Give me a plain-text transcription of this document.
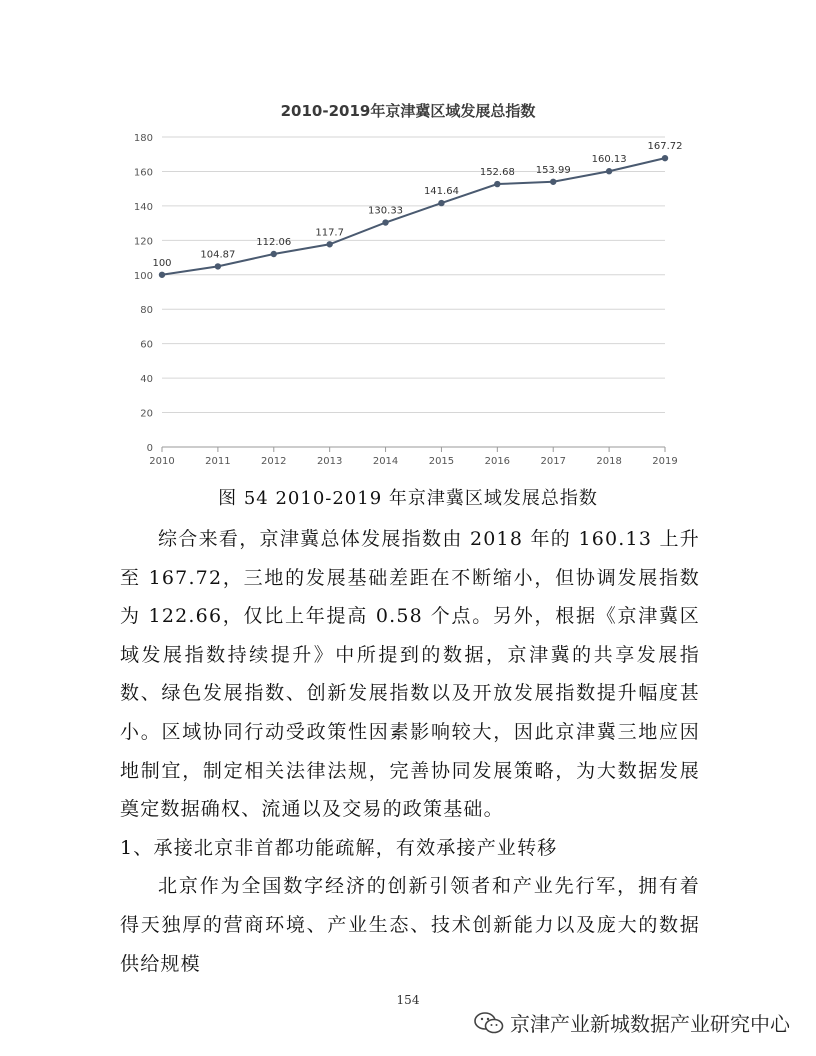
2010-2019年京津冀区域发展总指数
0
20
40
60
80
100
120
140
160
180
2010	2011	2012	2013	2014	2015	2016	2017	2018	2019
100
104.87
112.06
117.7
130.33
141.64
152.68 153.99
160.13
167.72
图 54 2010-2019 年京津冀区域发展总指数

综合来看，京津冀总体发展指数由 2018 年的 160.13 上升至 167.72，三地的发展基础差距在不断缩小，但协调发展指数为 122.66，仅比上年提高 0.58 个点。另外，根据《京津冀区域发展指数持续提升》中所提到的数据，京津冀的共享发展指数、绿色发展指数、创新发展指数以及开放发展指数提升幅度甚小。区域协同行动受政策性因素影响较大，因此京津冀三地应因地制宜，制定相关法律法规，完善协同发展策略，为大数据发展奠定数据确权、流通以及交易的政策基础。

1、承接北京非首都功能疏解，有效承接产业转移

北京作为全国数字经济的创新引领者和产业先行军，拥有着得天独厚的营商环境、产业生态、技术创新能力以及庞大的数据供给规模

154
京津产业新城数据产业研究中心
